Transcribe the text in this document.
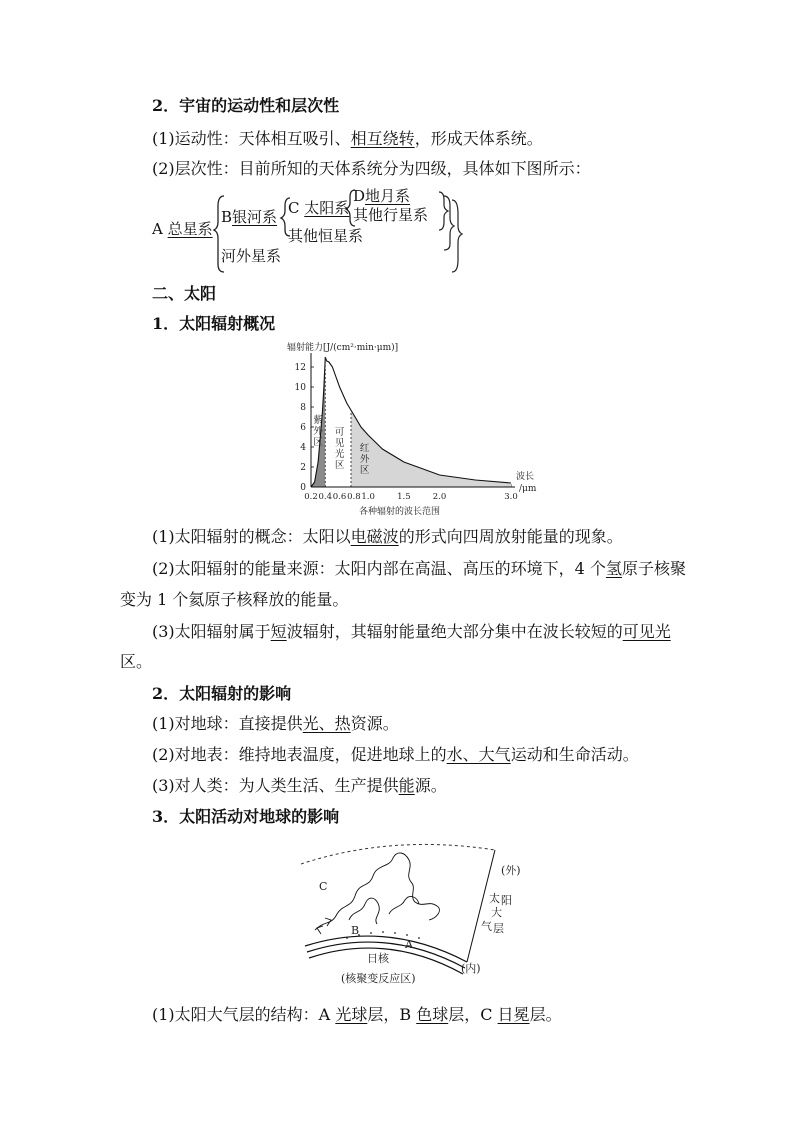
2．宇宙的运动性和层次性
(1)运动性：天体相互吸引、相互绕转，形成天体系统。
(2)层次性：目前所知的天体系统分为四级，具体如下图所示：
A 总星系
B银河系 C 太阳系
D地月系
其他行星系
其他恒星系
河外星系
二、太阳
1．太阳辐射概况
辐射能力[J/(cm²·min·μm)]
0
2
4
6
8
10
12
0.2 0.4 0.6 0.8 1.0	1.5	2.0	3.0
紫
外
区
可
见
光
区
红
外
区
波长
/μm
各种辐射的波长范围
(1)太阳辐射的概念：太阳以电磁波的形式向四周放射能量的现象。
(2)太阳辐射的能量来源：太阳内部在高温、高压的环境下，4 个氢原子核聚
变为 1 个氦原子核释放的能量。
(3)太阳辐射属于短波辐射，其辐射能量绝大部分集中在波长较短的可见光
区。
2．太阳辐射的影响
(1)对地球：直接提供光、热资源。
(2)对地表：维持地表温度，促进地球上的水、大气运动和生命活动。
(3)对人类：为人类生活、生产提供能源。
3．太阳活动对地球的影响
C
B
A
(外)
(内)
太 阳
大
气 层
日核
(核聚变反应区)
(1)太阳大气层的结构：A 光球层，B 色球层，C 日冕层。
